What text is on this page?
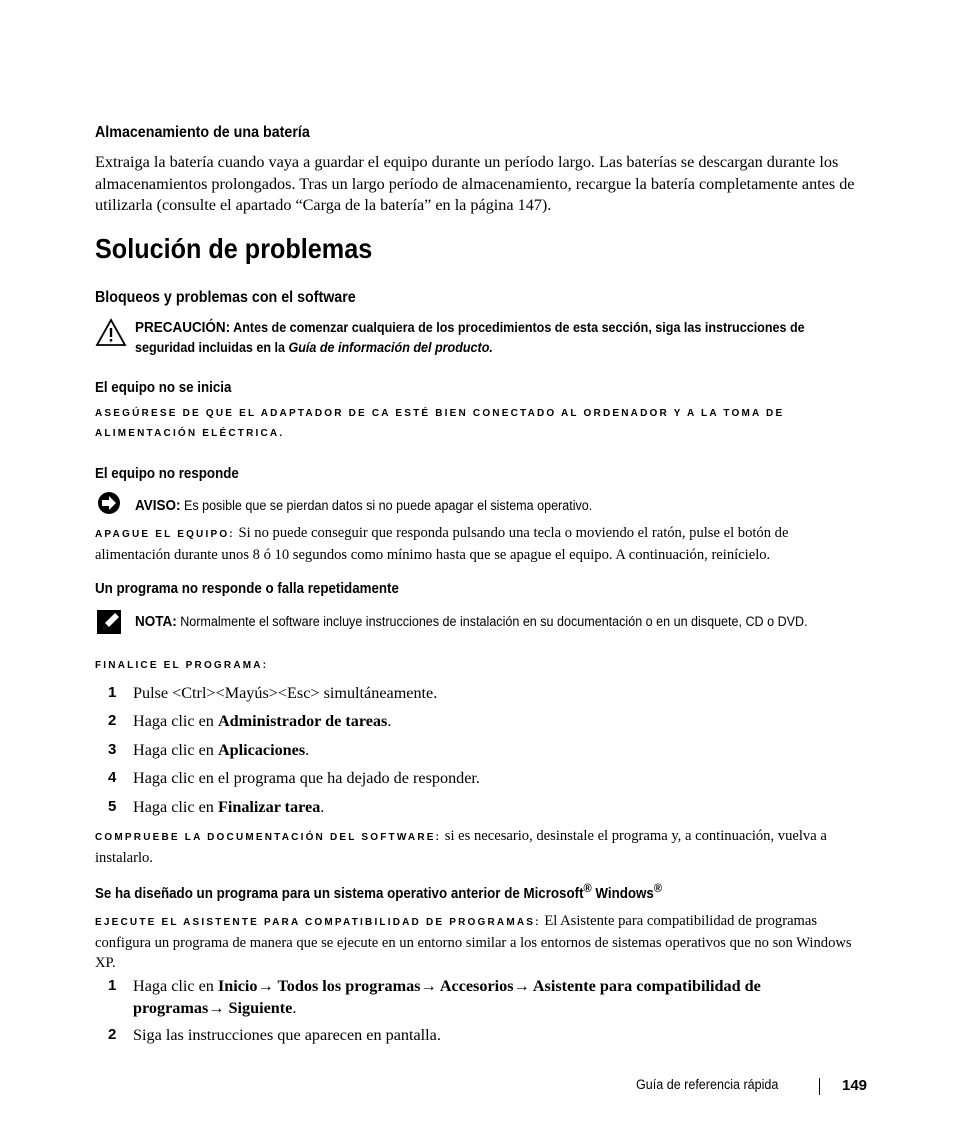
Almacenamiento de una batería
Extraiga la batería cuando vaya a guardar el equipo durante un período largo. Las baterías se descargan durante los almacenamientos prolongados. Tras un largo período de almacenamiento, recargue la batería completamente antes de utilizarla (consulte el apartado “Carga de la batería” en la página 147).
Solución de problemas
Bloqueos y problemas con el software
PRECAUCIÓN: Antes de comenzar cualquiera de los procedimientos de esta sección, siga las instrucciones de seguridad incluidas en la Guía de información del producto.
El equipo no se inicia
ASEGÚRESE DE QUE EL ADAPTADOR DE CA ESTÉ BIEN CONECTADO AL ORDENADOR Y A LA TOMA DE
ALIMENTACIÓN ELÉCTRICA.
El equipo no responde
AVISO: Es posible que se pierdan datos si no puede apagar el sistema operativo.
APAGUE EL EQUIPO: Si no puede conseguir que responda pulsando una tecla o moviendo el ratón, pulse el botón de alimentación durante unos 8 ó 10 segundos como mínimo hasta que se apague el equipo. A continuación, reinícielo.
Un programa no responde o falla repetidamente
NOTA: Normalmente el software incluye instrucciones de instalación en su documentación o en un disquete, CD o DVD.
FINALICE EL PROGRAMA:
1 Pulse <Ctrl><Mayús><Esc> simultáneamente.
2 Haga clic en Administrador de tareas.
3 Haga clic en Aplicaciones.
4 Haga clic en el programa que ha dejado de responder.
5 Haga clic en Finalizar tarea.
COMPRUEBE LA DOCUMENTACIÓN DEL SOFTWARE: si es necesario, desinstale el programa y, a continuación, vuelva a instalarlo.
Se ha diseñado un programa para un sistema operativo anterior de Microsoft® Windows®
EJECUTE EL ASISTENTE PARA COMPATIBILIDAD DE PROGRAMAS: El Asistente para compatibilidad de programas configura un programa de manera que se ejecute en un entorno similar a los entornos de sistemas operativos que no son Windows XP.
1 Haga clic en Inicio→ Todos los programas→ Accesorios→ Asistente para compatibilidad de programas→ Siguiente.
2 Siga las instrucciones que aparecen en pantalla.
Guía de referencia rápida	149
